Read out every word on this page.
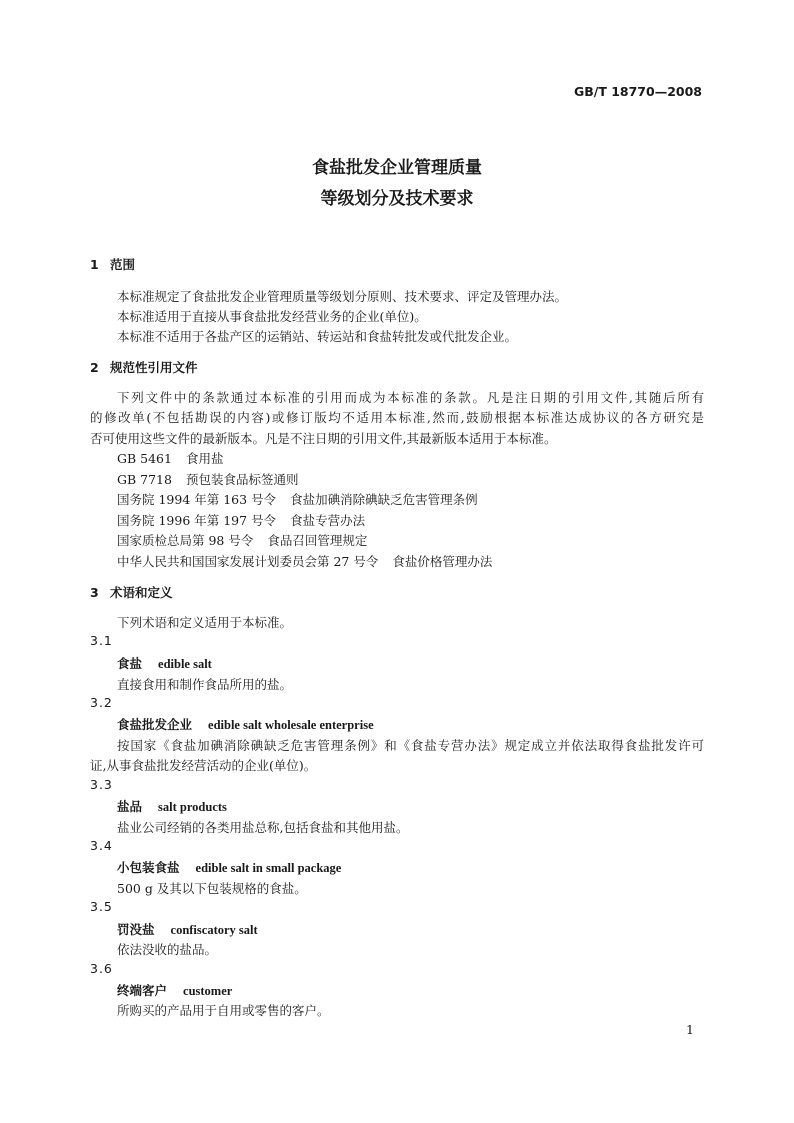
GB/T 18770—2008
食盐批发企业管理质量
等级划分及技术要求
1 范围
本标准规定了食盐批发企业管理质量等级划分原则、技术要求、评定及管理办法。
本标准适用于直接从事食盐批发经营业务的企业(单位)。
本标准不适用于各盐产区的运销站、转运站和食盐转批发或代批发企业。
2 规范性引用文件
下列文件中的条款通过本标准的引用而成为本标准的条款。凡是注日期的引用文件,其随后所有
的修改单(不包括勘误的内容)或修订版均不适用本标准,然而,鼓励根据本标准达成协议的各方研究是
否可使用这些文件的最新版本。凡是不注日期的引用文件,其最新版本适用于本标准。
GB 5461 食用盐
GB 7718 预包装食品标签通则
国务院 1994 年第 163 号令 食盐加碘消除碘缺乏危害管理条例
国务院 1996 年第 197 号令 食盐专营办法
国家质检总局第 98 号令 食品召回管理规定
中华人民共和国国家发展计划委员会第 27 号令 食盐价格管理办法
3 术语和定义
下列术语和定义适用于本标准。
3.1
食盐 edible salt
直接食用和制作食品所用的盐。
3.2
食盐批发企业 edible salt wholesale enterprise
按国家《食盐加碘消除碘缺乏危害管理条例》和《食盐专营办法》规定成立并依法取得食盐批发许可
证,从事食盐批发经营活动的企业(单位)。
3.3
盐品 salt products
盐业公司经销的各类用盐总称,包括食盐和其他用盐。
3.4
小包装食盐 edible salt in small package
500 g 及其以下包装规格的食盐。
3.5
罚没盐 confiscatory salt
依法没收的盐品。
3.6
终端客户 customer
所购买的产品用于自用或零售的客户。
1
